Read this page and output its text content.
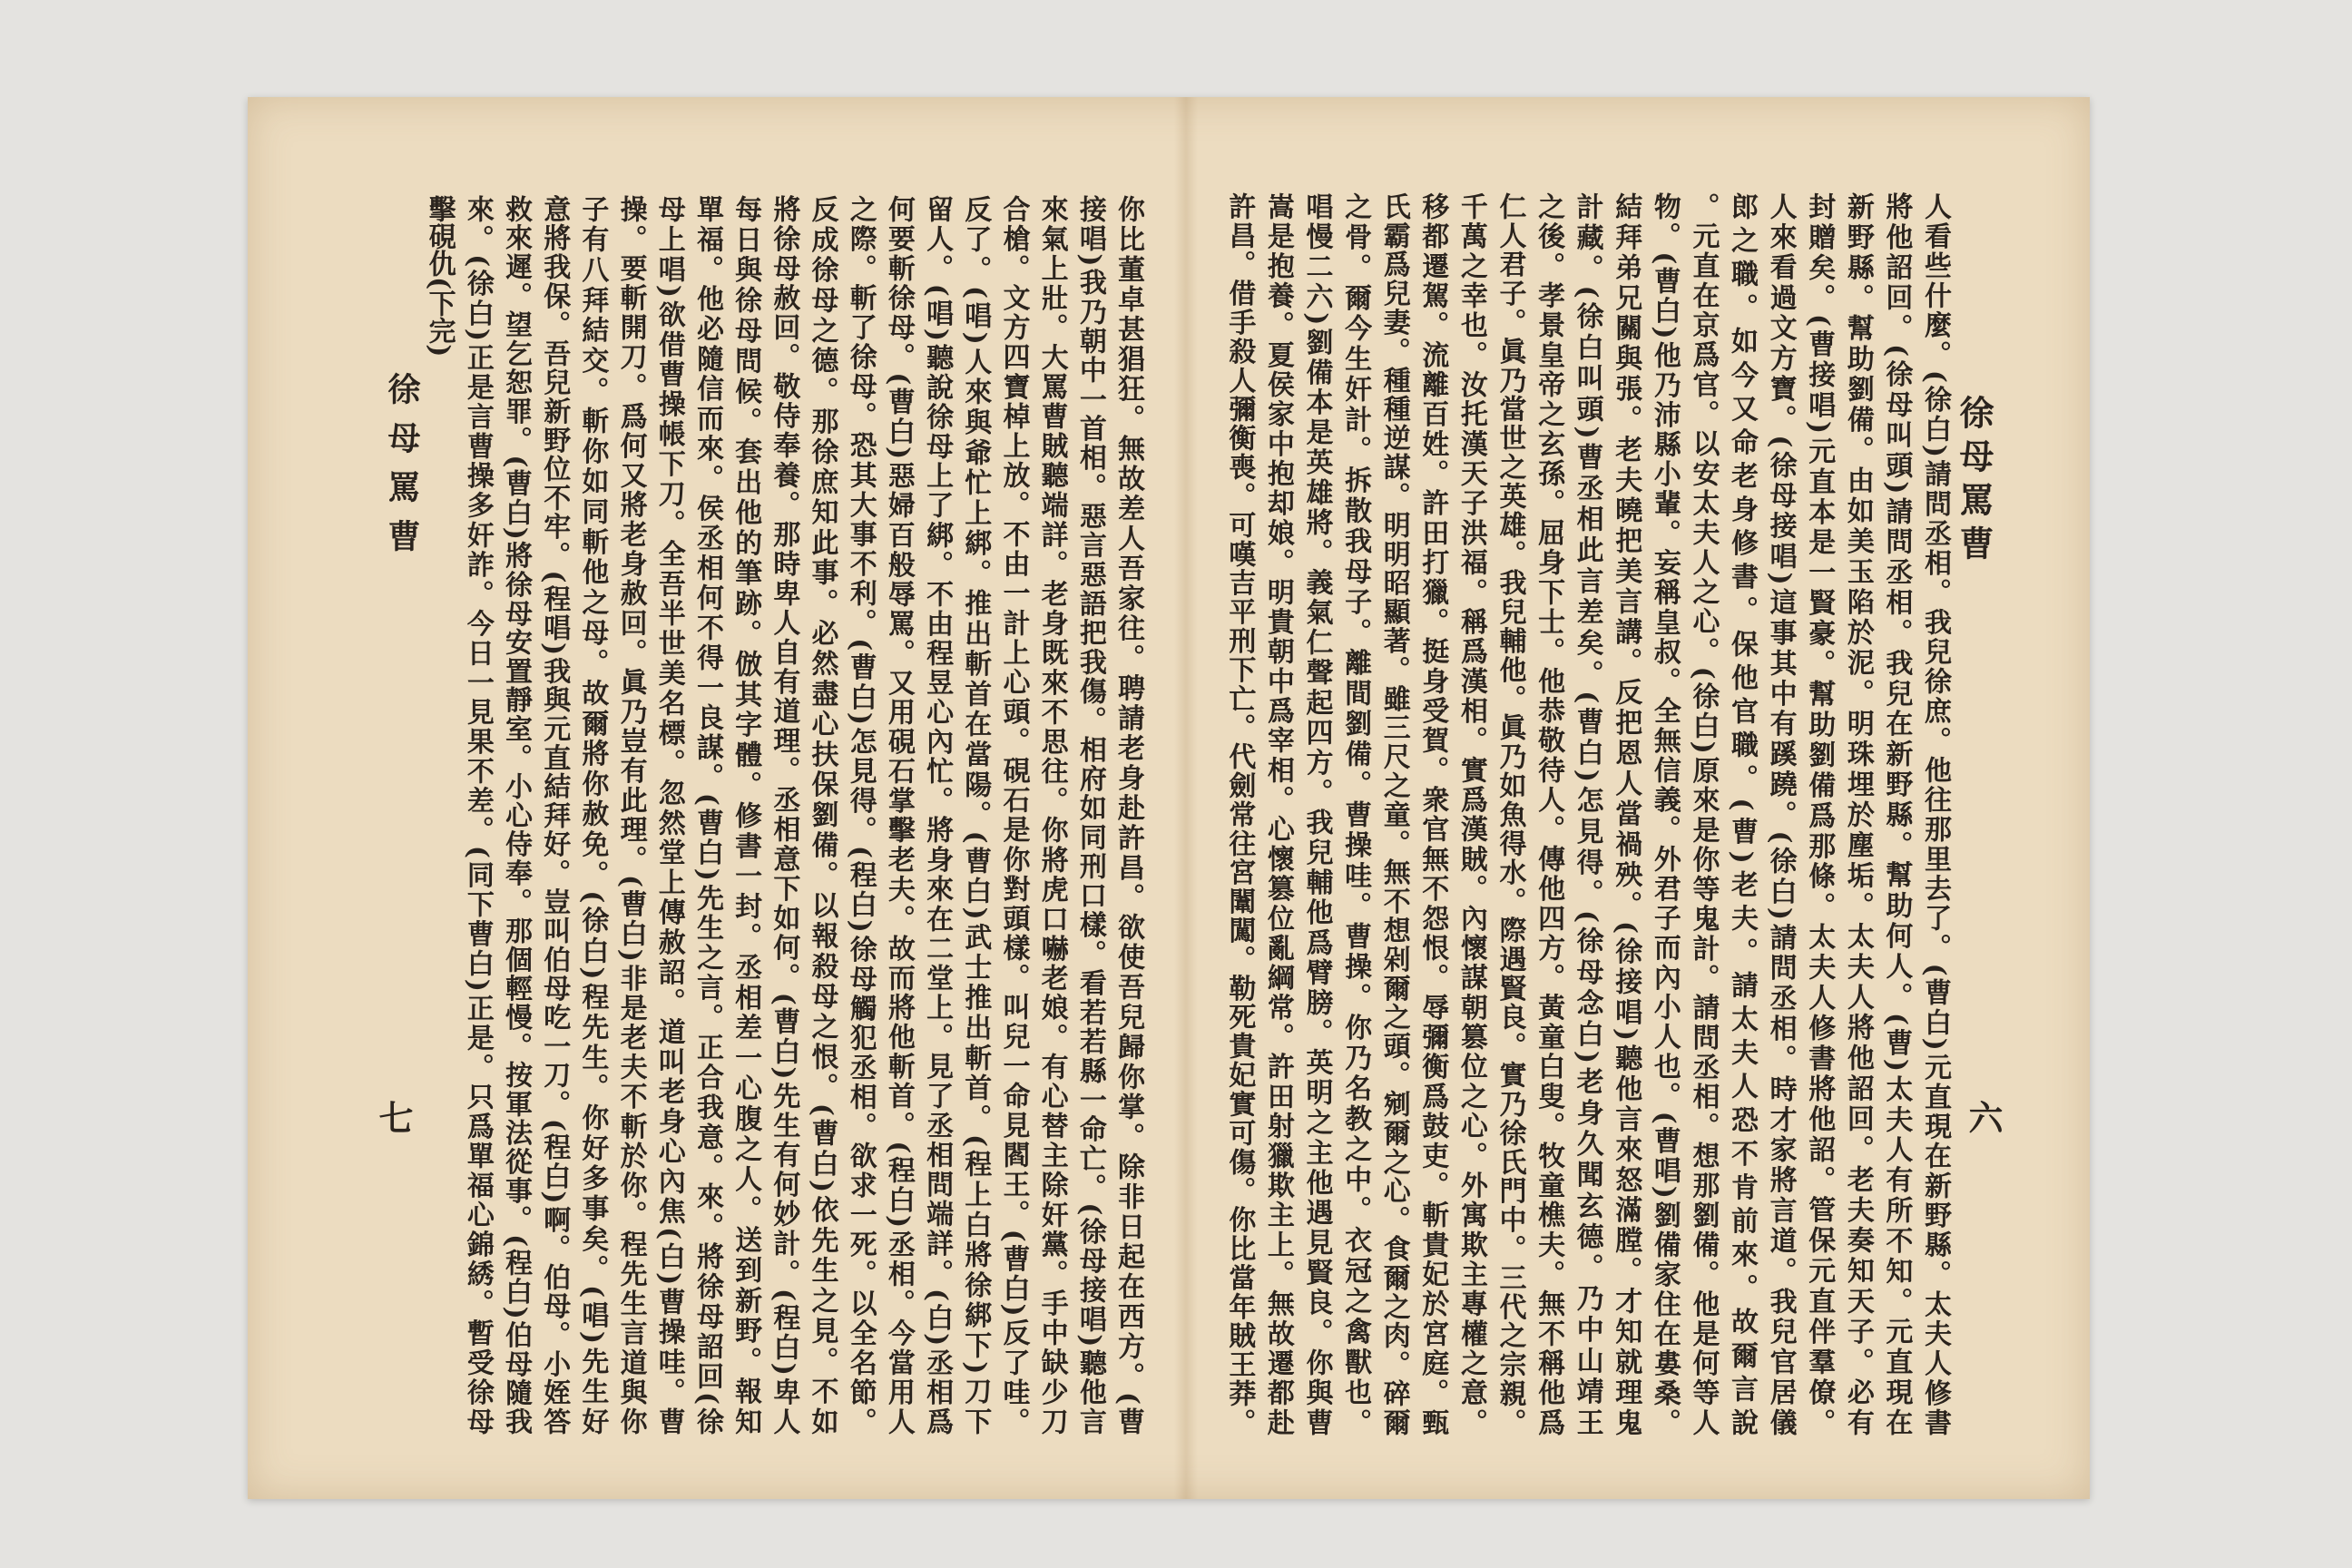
徐母罵曹
六
人看些什麼。(徐白)請問丞相。我兒徐庶。他往那里去了。(曹白)元直現在新野縣。太夫人修書
將他詔回。(徐母叫頭)請問丞相。我兒在新野縣。幫助何人。(曹)太夫人有所不知。元直現在
新野縣。幫助劉備。由如美玉陷於泥。明珠埋於塵垢。太夫人將他詔回。老夫奏知天子。必有
封贈矣。(曹接唱)元直本是一賢豪。幫助劉備爲那條。太夫人修書將他詔。管保元直伴羣僚。
人來看過文方寶。(徐母接唱)這事其中有蹊蹺。(徐白)請問丞相。時才家將言道。我兒官居儀
郎之職。如今又命老身修書。保他官職。(曹)老夫。請太夫人恐不肯前來。故爾言說
。元直在京爲官。以安太夫人之心。(徐白)原來是你等鬼計。請問丞相。想那劉備。他是何等人
物。(曹白)他乃沛縣小輩。妄稱皇叔。全無信義。外君子而內小人也。(曹唱)劉備家住在婁桑。
結拜弟兄關與張。老夫曉把美言講。反把恩人當禍殃。(徐接唱)聽他言來怒滿膛。才知就理鬼
計藏。(徐白叫頭)曹丞相此言差矣。(曹白)怎見得。(徐母念白)老身久聞玄德。乃中山靖王
之後。孝景皇帝之玄孫。屈身下士。他恭敬待人。傳他四方。黃童白叟。牧童樵夫。無不稱他爲
仁人君子。眞乃當世之英雄。我兒輔他。眞乃如魚得水。際遇賢良。實乃徐氏門中。三代之宗親。
千萬之幸也。汝托漢天子洪福。稱爲漢相。實爲漢賊。內懷謀朝篡位之心。外寓欺主專權之意。
移都遷駕。流離百姓。許田打獵。挺身受賀。衆官無不怨恨。辱彌衡爲鼓吏。斬貴妃於宮庭。甄
氏霸爲兒妻。種種逆謀。明明昭顯著。雖三尺之童。無不想剁爾之頭。剜爾之心。食爾之肉。碎爾
之骨。爾今生奸計。拆散我母子。離間劉備。曹操哇。曹操。你乃名教之中。衣冠之禽獸也。
唱慢二六)劉備本是英雄將。義氣仁聲起四方。我兒輔他爲臂膀。英明之主他遇見賢良。你與曹
嵩是抱養。夏侯家中抱却娘。明貴朝中爲宰相。心懷篡位亂綱常。許田射獵欺主上。無故遷都赴
許昌。借手殺人彌衡喪。可嘆吉平刑下亡。代劍常往宮闈闖。勒死貴妃實可傷。你比當年賊王莽。
你比董卓甚猖狂。無故差人吾家往。聘請老身赴許昌。欲使吾兒歸你掌。除非日起在西方。(曹
接唱)我乃朝中一首相。惡言惡語把我傷。相府如同刑口樣。看若若縣一命亡。(徐母接唱)聽他言
來氣上壯。大罵曹賊聽端詳。老身既來不思往。你將虎口嚇老娘。有心替主除奸黨。手中缺少刀
合槍。文方四寶棹上放。不由一計上心頭。硯石是你對頭樣。叫兒一命見閻王。(曹白)反了哇。
反了。(唱)人來與爺忙上綁。推出斬首在當陽。(曹白)武士推出斬首。(程上白將徐綁下)刀下
留人。(唱)聽說徐母上了綁。不由程昱心內忙。將身來在二堂上。見了丞相問端詳。(白)丞相爲
何要斬徐母。(曹白)惡婦百般辱罵。又用硯石掌擊老夫。故而將他斬首。(程白)丞相。今當用人
之際。斬了徐母。恐其大事不利。(曹白)怎見得。(程白)徐母觸犯丞相。欲求一死。以全名節。
反成徐母之德。那徐庶知此事。必然盡心扶保劉備。以報殺母之恨。(曹白)依先生之見。不如
將徐母赦回。敬侍奉養。那時卑人自有道理。丞相意下如何。(曹白)先生有何妙計。(程白)卑人
每日與徐母問候。套出他的筆跡。倣其字體。修書一封。丞相差一心腹之人。送到新野。報知
單福。他必隨信而來。侯丞相何不得一良謀。(曹白)先生之言。正合我意。來。將徐母詔回(徐
母上唱)欲借曹操帳下刀。全吾半世美名標。忽然堂上傳赦詔。道叫老身心內焦(白)曹操哇。曹
操。要斬開刀。爲何又將老身赦回。眞乃豈有此理。(曹白)非是老夫不斬於你。程先生言道與你
子有八拜結交。斬你如同斬他之母。故爾將你赦免。(徐白)程先生。你好多事矣。(唱)先生好
意將我保。吾兒新野位不牢。(程唱)我與元直結拜好。豈叫伯母吃一刀。(程白)啊。伯母。小姪答
救來遲。望乞恕罪。(曹白)將徐母安置靜室。小心侍奉。那個輕慢。按軍法從事。(程白)伯母隨我
來。(徐白)正是言曹操多奸詐。今日一見果不差。(同下曹白)正是。只爲單福心錦綉。暫受徐母
擊硯仇(下完)
徐母罵曹
七
